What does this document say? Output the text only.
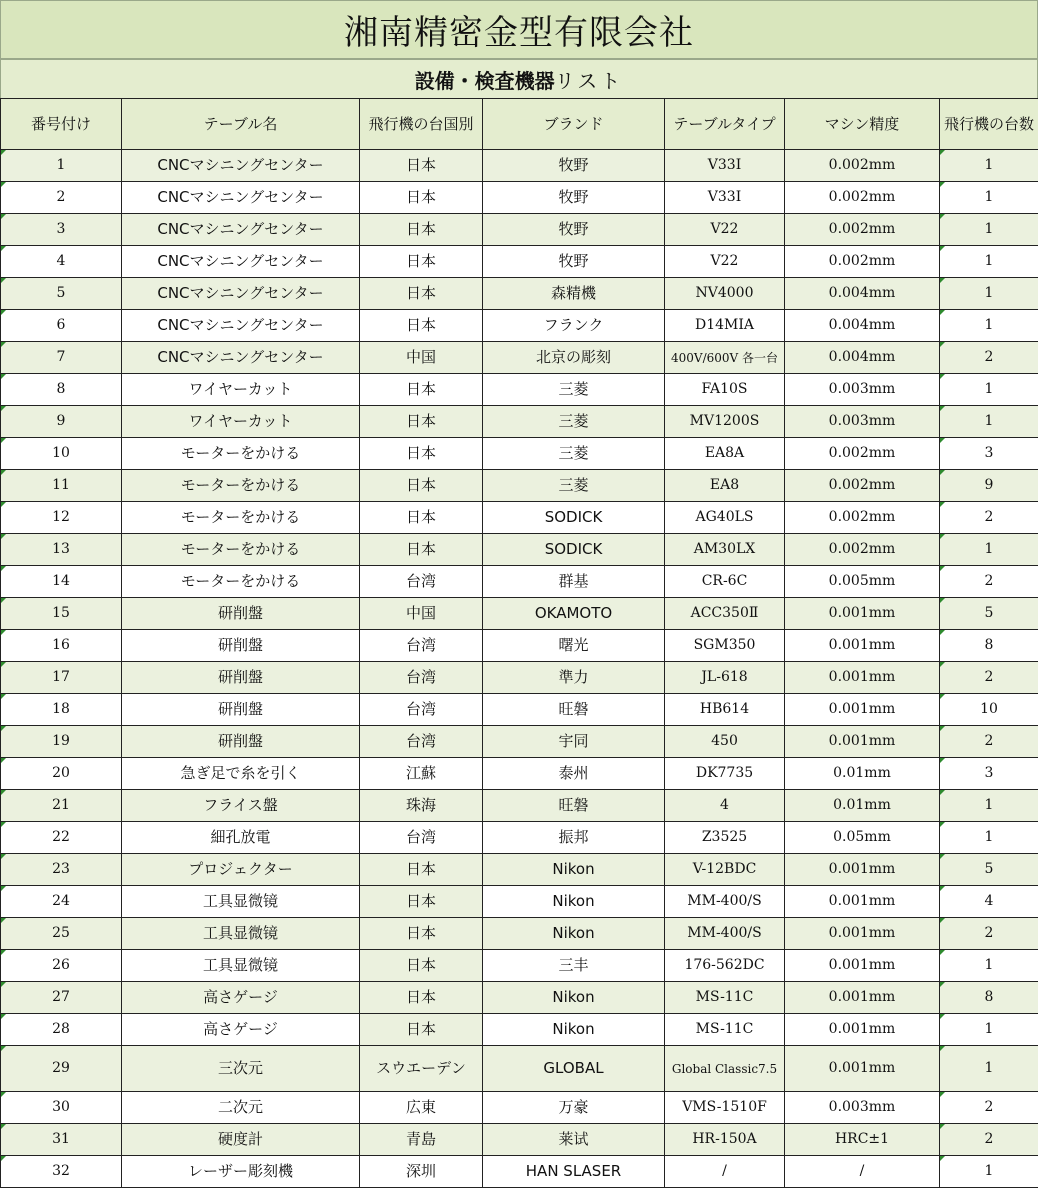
湘南精密金型有限会社
設備・検査機器 リスト
番号付け	テーブル名	飛行機の台国別	ブランド	テーブルタイプ	マシン精度	飛行機の台数
1	CNCマシニングセンター	日本	牧野	V33I	0.002mm	1
2	CNCマシニングセンター	日本	牧野	V33I	0.002mm	1
3	CNCマシニングセンター	日本	牧野	V22	0.002mm	1
4	CNCマシニングセンター	日本	牧野	V22	0.002mm	1
5	CNCマシニングセンター	日本	森精機	NV4000	0.004mm	1
6	CNCマシニングセンター	日本	フランク	D14MIA	0.004mm	1
7	CNCマシニングセンター	中国	北京の彫刻	400V/600V 各一台	0.004mm	2
8	ワイヤーカット	日本	三菱	FA10S	0.003mm	1
9	ワイヤーカット	日本	三菱	MV1200S	0.003mm	1
10	モーターをかける	日本	三菱	EA8A	0.002mm	3
11	モーターをかける	日本	三菱	EA8	0.002mm	9
12	モーターをかける	日本	SODICK	AG40LS	0.002mm	2
13	モーターをかける	日本	SODICK	AM30LX	0.002mm	1
14	モーターをかける	台湾	群基	CR-6C	0.005mm	2
15	研削盤	中国	OKAMOTO	ACC350Ⅱ	0.001mm	5
16	研削盤	台湾	曙光	SGM350	0.001mm	8
17	研削盤	台湾	準力	JL-618	0.001mm	2
18	研削盤	台湾	旺磐	HB614	0.001mm	10
19	研削盤	台湾	宇同	450	0.001mm	2
20	急ぎ足で糸を引く	江蘇	泰州	DK7735	0.01mm	3
21	フライス盤	珠海	旺磐	4	0.01mm	1
22	細孔放電	台湾	振邦	Z3525	0.05mm	1
23	プロジェクター	日本	Nikon	V-12BDC	0.001mm	5
24	工具显微镜	日本	Nikon	MM-400/S	0.001mm	4
25	工具显微镜	日本	Nikon	MM-400/S	0.001mm	2
26	工具显微镜	日本	三丰	176-562DC	0.001mm	1
27	高さゲージ	日本	Nikon	MS-11C	0.001mm	8
28	高さゲージ	日本	Nikon	MS-11C	0.001mm	1
29	三次元	スウエーデン	GLOBAL	Global Classic7.5	0.001mm	1
30	二次元	広東	万豪	VMS-1510F	0.003mm	2
31	硬度計	青島	莱试	HR-150A	HRC±1	2
32	レーザー彫刻機	深圳	HAN SLASER	/	/	1
